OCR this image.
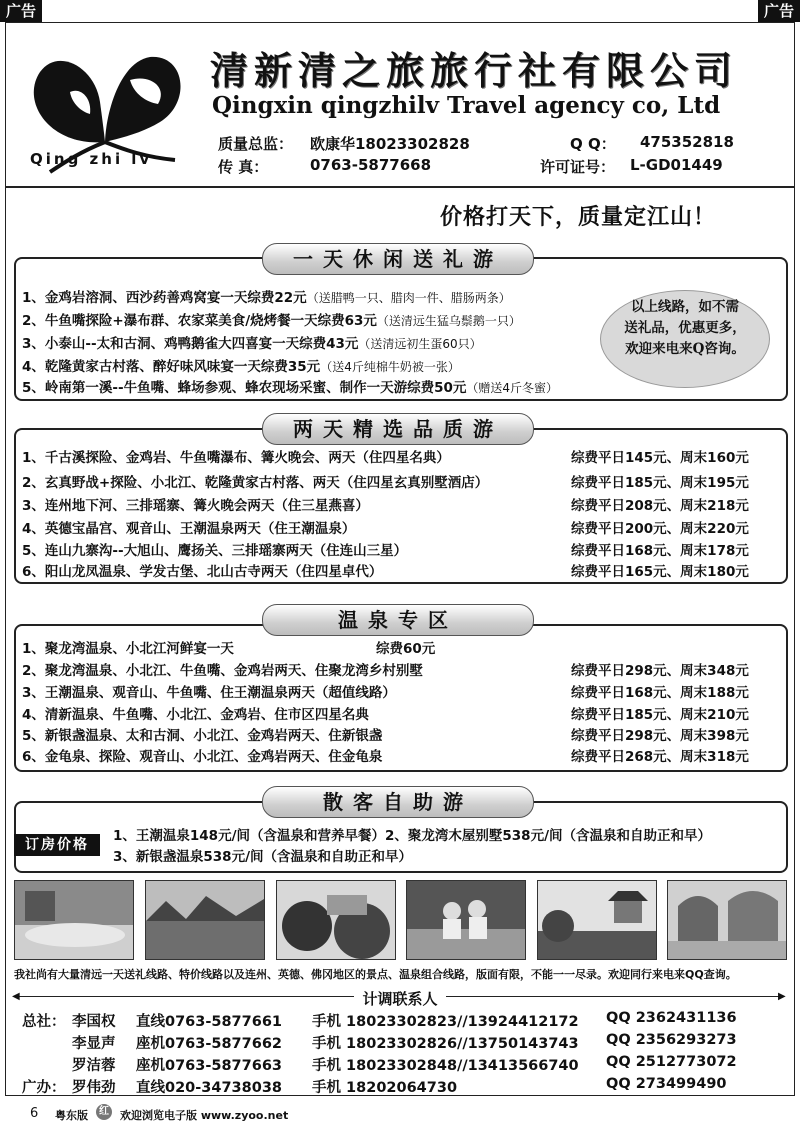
广告	广告
Qing zhi lv
清新清之旅旅行社有限公司
Qingxin qingzhilv Travel agency co, Ltd
质量总监： 欧康华18023302828	Q Q： 475352818
传 真：	0763-5877668	许可证号： L-GD01449
价格打天下，质量定江山！
一天休闲送礼游
1、金鸡岩溶洞、西沙药善鸡窝宴一天综费22元（送腊鸭一只、腊肉一件、腊肠两条）
2、牛鱼嘴探险+瀑布群、农家菜美食/烧烤餐一天综费63元（送清远生猛乌鬃鹅一只）
3、小泰山--太和古洞、鸡鸭鹅雀大四喜宴一天综费43元（送清远初生蛋60只）
4、乾隆黄家古村落、醉好味风味宴一天综费35元（送4斤纯棉牛奶被一张）
5、岭南第一溪--牛鱼嘴、蜂场参观、蜂农现场采蜜、制作一天游综费50元（赠送4斤冬蜜）
以上线路，如不需
送礼品，优惠更多，
欢迎来电来Q咨询。
两天精选品质游
1、千古溪探险、金鸡岩、牛鱼嘴瀑布、篝火晚会、两天（住四星名典）	综费平日145元、周末160元
2、玄真野战+探险、小北江、乾隆黄家古村落、两天（住四星玄真别墅酒店）	综费平日185元、周末195元
3、连州地下河、三排瑶寨、篝火晚会两天（住三星燕喜）	综费平日208元、周末218元
4、英德宝晶宫、观音山、王潮温泉两天（住王潮温泉）	综费平日200元、周末220元
5、连山九寨沟--大旭山、鹰扬关、三排瑶寨两天（住连山三星）	综费平日168元、周末178元
6、阳山龙凤温泉、学发古堡、北山古寺两天（住四星卓代）	综费平日165元、周末180元
温泉专区
1、聚龙湾温泉、小北江河鲜宴一天	综费60元
2、聚龙湾温泉、小北江、牛鱼嘴、金鸡岩两天、住聚龙湾乡村别墅	综费平日298元、周末348元
3、王潮温泉、观音山、牛鱼嘴、住王潮温泉两天（超值线路）	综费平日168元、周末188元
4、清新温泉、牛鱼嘴、小北江、金鸡岩、住市区四星名典	综费平日185元、周末210元
5、新银盏温泉、太和古洞、小北江、金鸡岩两天、住新银盏	综费平日298元、周末398元
6、金龟泉、探险、观音山、小北江、金鸡岩两天、住金龟泉	综费平日268元、周末318元
散客自助游
订房价格
1、王潮温泉148元/间（含温泉和营养早餐）2、聚龙湾木屋别墅538元/间（含温泉和自助正和早）
3、新银盏温泉538元/间（含温泉和自助正和早）
我社尚有大量清远一天送礼线路、特价线路以及连州、英德、佛冈地区的景点、温泉组合线路，版面有限，不能一一尽录。欢迎同行来电来QQ查询。
◀	▶
计调联系人
总社： 李国权 直线0763-5877661 手机 18023302823//13924412172 QQ 2362431136
李显声 座机0763-5877662 手机 18023302826//13750143743 QQ 2356293273
罗洁蓉 座机0763-5877663 手机 18023302848//13413566740 QQ 2512773072
广办： 罗伟劲 直线020-34738038 手机 18202064730	QQ 273499490
6 粤东版	红 欢迎浏览电子版 www.zyoo.net
